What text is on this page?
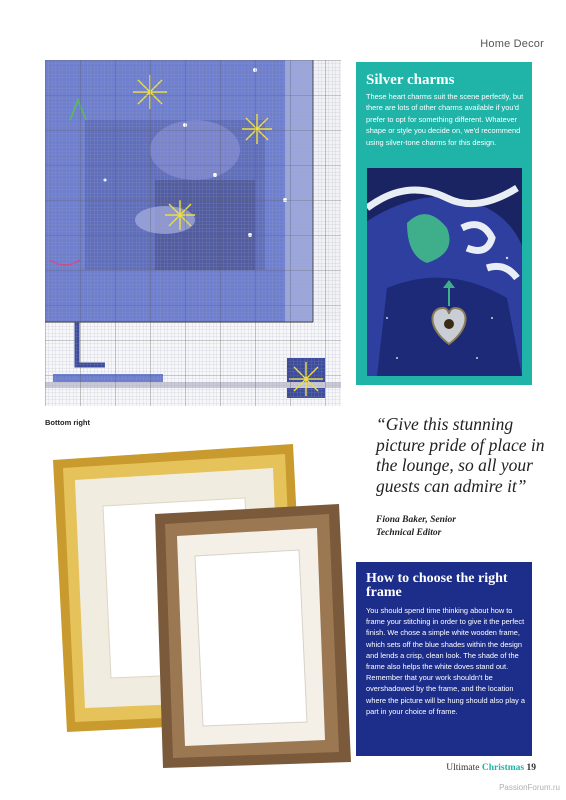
Home Decor
Bottom right
Silver charms
These heart charms suit the scene perfectly, but there are lots of other charms available if you'd prefer to opt for something different. Whatever shape or style you decide on, we'd recommend using silver-tone charms for this design.
“Give this stunning picture pride of place in the lounge, so all your guests can admire it”
Fiona Baker, Senior
Technical Editor
How to choose the right frame
You should spend time thinking about how to frame your stitching in order to give it the perfect finish. We chose a simple white wooden frame, which sets off the blue shades within the design and lends a crisp, clean look. The shade of the frame also helps the white doves stand out. Remember that your work shouldn't be overshadowed by the frame, and the location where the picture will be hung should also play a part in your choice of frame.
Ultimate Christmas 19
PassionForum.ru
